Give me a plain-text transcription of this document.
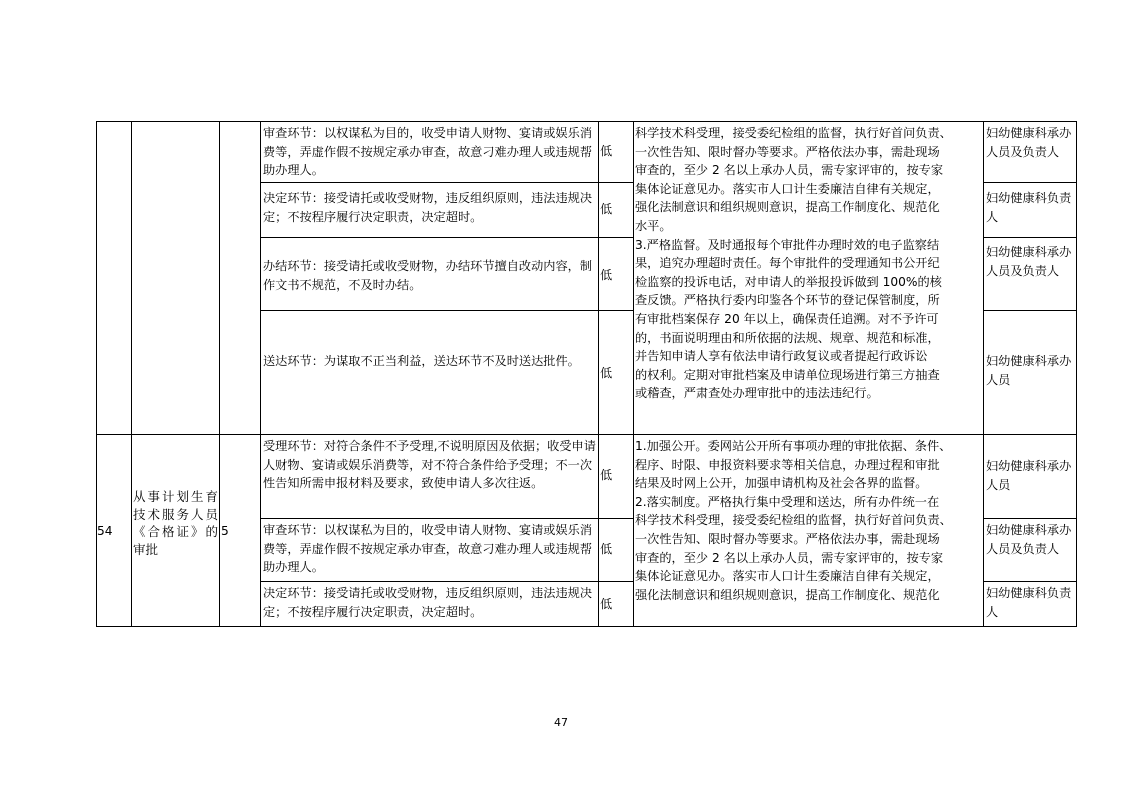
审查环节：以权谋私为目的，收受申请人财物、宴请或娱乐消费等，弄虚作假不按规定承办审查，故意刁难办理人或违规帮助办理人。
低
妇幼健康科承办人员及负责人
决定环节：接受请托或收受财物，违反组织原则，违法违规决定；不按程序履行决定职责，决定超时。
低
妇幼健康科负责人
办结环节：接受请托或收受财物，办结环节擅自改动内容，制作文书不规范，不及时办结。
低
妇幼健康科承办人员及负责人
送达环节：为谋取不正当利益，送达环节不及时送达批件。
低
妇幼健康科承办人员
科学技术科受理，接受委纪检组的监督，执行好首问负责、
一次性告知、限时督办等要求。严格依法办事，需赴现场
审查的，至少 2 名以上承办人员，需专家评审的，按专家
集体论证意见办。落实市人口计生委廉洁自律有关规定，
强化法制意识和组织规则意识，提高工作制度化、规范化
水平。
3.严格监督。及时通报每个审批件办理时效的电子监察结
果，追究办理超时责任。每个审批件的受理通知书公开纪
检监察的投诉电话，对申请人的举报投诉做到 100%的核
查反馈。严格执行委内印鉴各个环节的登记保管制度，所
有审批档案保存 20 年以上，确保责任追溯。对不予许可
的，书面说明理由和所依据的法规、规章、规范和标准，
并告知申请人享有依法申请行政复议或者提起行政诉讼
的权利。定期对审批档案及申请单位现场进行第三方抽查
或稽查，严肃查处办理审批中的违法违纪行。
54
从事计划生育技术服务人员《合格证》的审批
5
受理环节：对符合条件不予受理,不说明原因及依据；收受申请人财物、宴请或娱乐消费等，对不符合条件给予受理；不一次性告知所需申报材料及要求，致使申请人多次往返。
低
妇幼健康科承办人员
审查环节：以权谋私为目的，收受申请人财物、宴请或娱乐消费等，弄虚作假不按规定承办审查，故意刁难办理人或违规帮助办理人。
低
妇幼健康科承办人员及负责人
决定环节：接受请托或收受财物，违反组织原则，违法违规决定；不按程序履行决定职责，决定超时。
低
妇幼健康科负责人
1.加强公开。委网站公开所有事项办理的审批依据、条件、
程序、时限、申报资料要求等相关信息，办理过程和审批
结果及时网上公开，加强申请机构及社会各界的监督。
2.落实制度。严格执行集中受理和送达，所有办件统一在
科学技术科受理，接受委纪检组的监督，执行好首问负责、
一次性告知、限时督办等要求。严格依法办事，需赴现场
审查的，至少 2 名以上承办人员，需专家评审的，按专家
集体论证意见办。落实市人口计生委廉洁自律有关规定，
强化法制意识和组织规则意识，提高工作制度化、规范化
47
